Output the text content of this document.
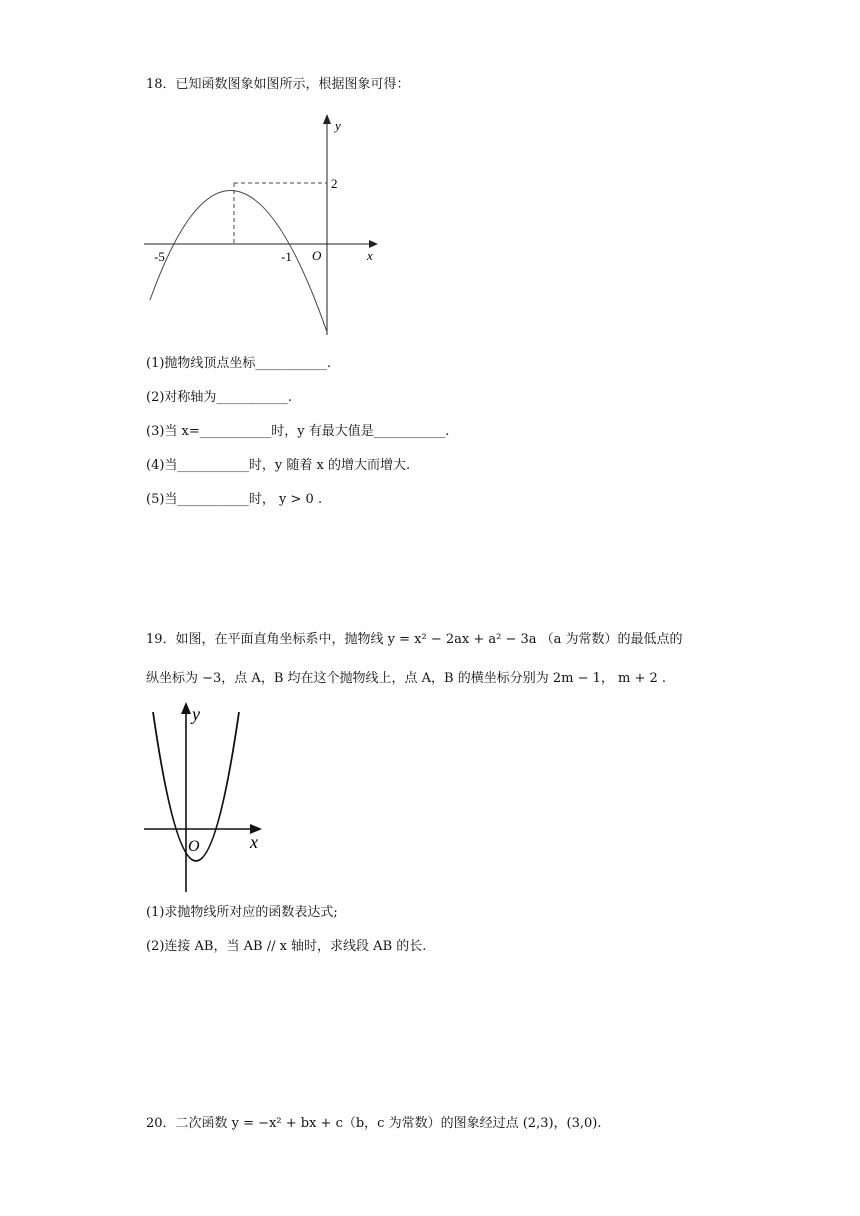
18．已知函数图象如图所示，根据图象可得：
y
x
O
2
-5	-1
(1)抛物线顶点坐标___________.
(2)对称轴为___________.
(3)当 x=___________时，y 有最大值是___________.
(4)当___________时，y 随着 x 的增大而增大.
(5)当___________时， y > 0 .
19．如图，在平面直角坐标系中，抛物线 y = x² − 2ax + a² − 3a （a 为常数）的最低点的
纵坐标为 −3，点 A，B 均在这个抛物线上，点 A，B 的横坐标分别为 2m − 1， m + 2 .
y
x
O
(1)求抛物线所对应的函数表达式;
(2)连接 AB，当 AB // x 轴时，求线段 AB 的长.
20．二次函数 y = −x² + bx + c（b，c 为常数）的图象经过点 (2,3)，(3,0).
